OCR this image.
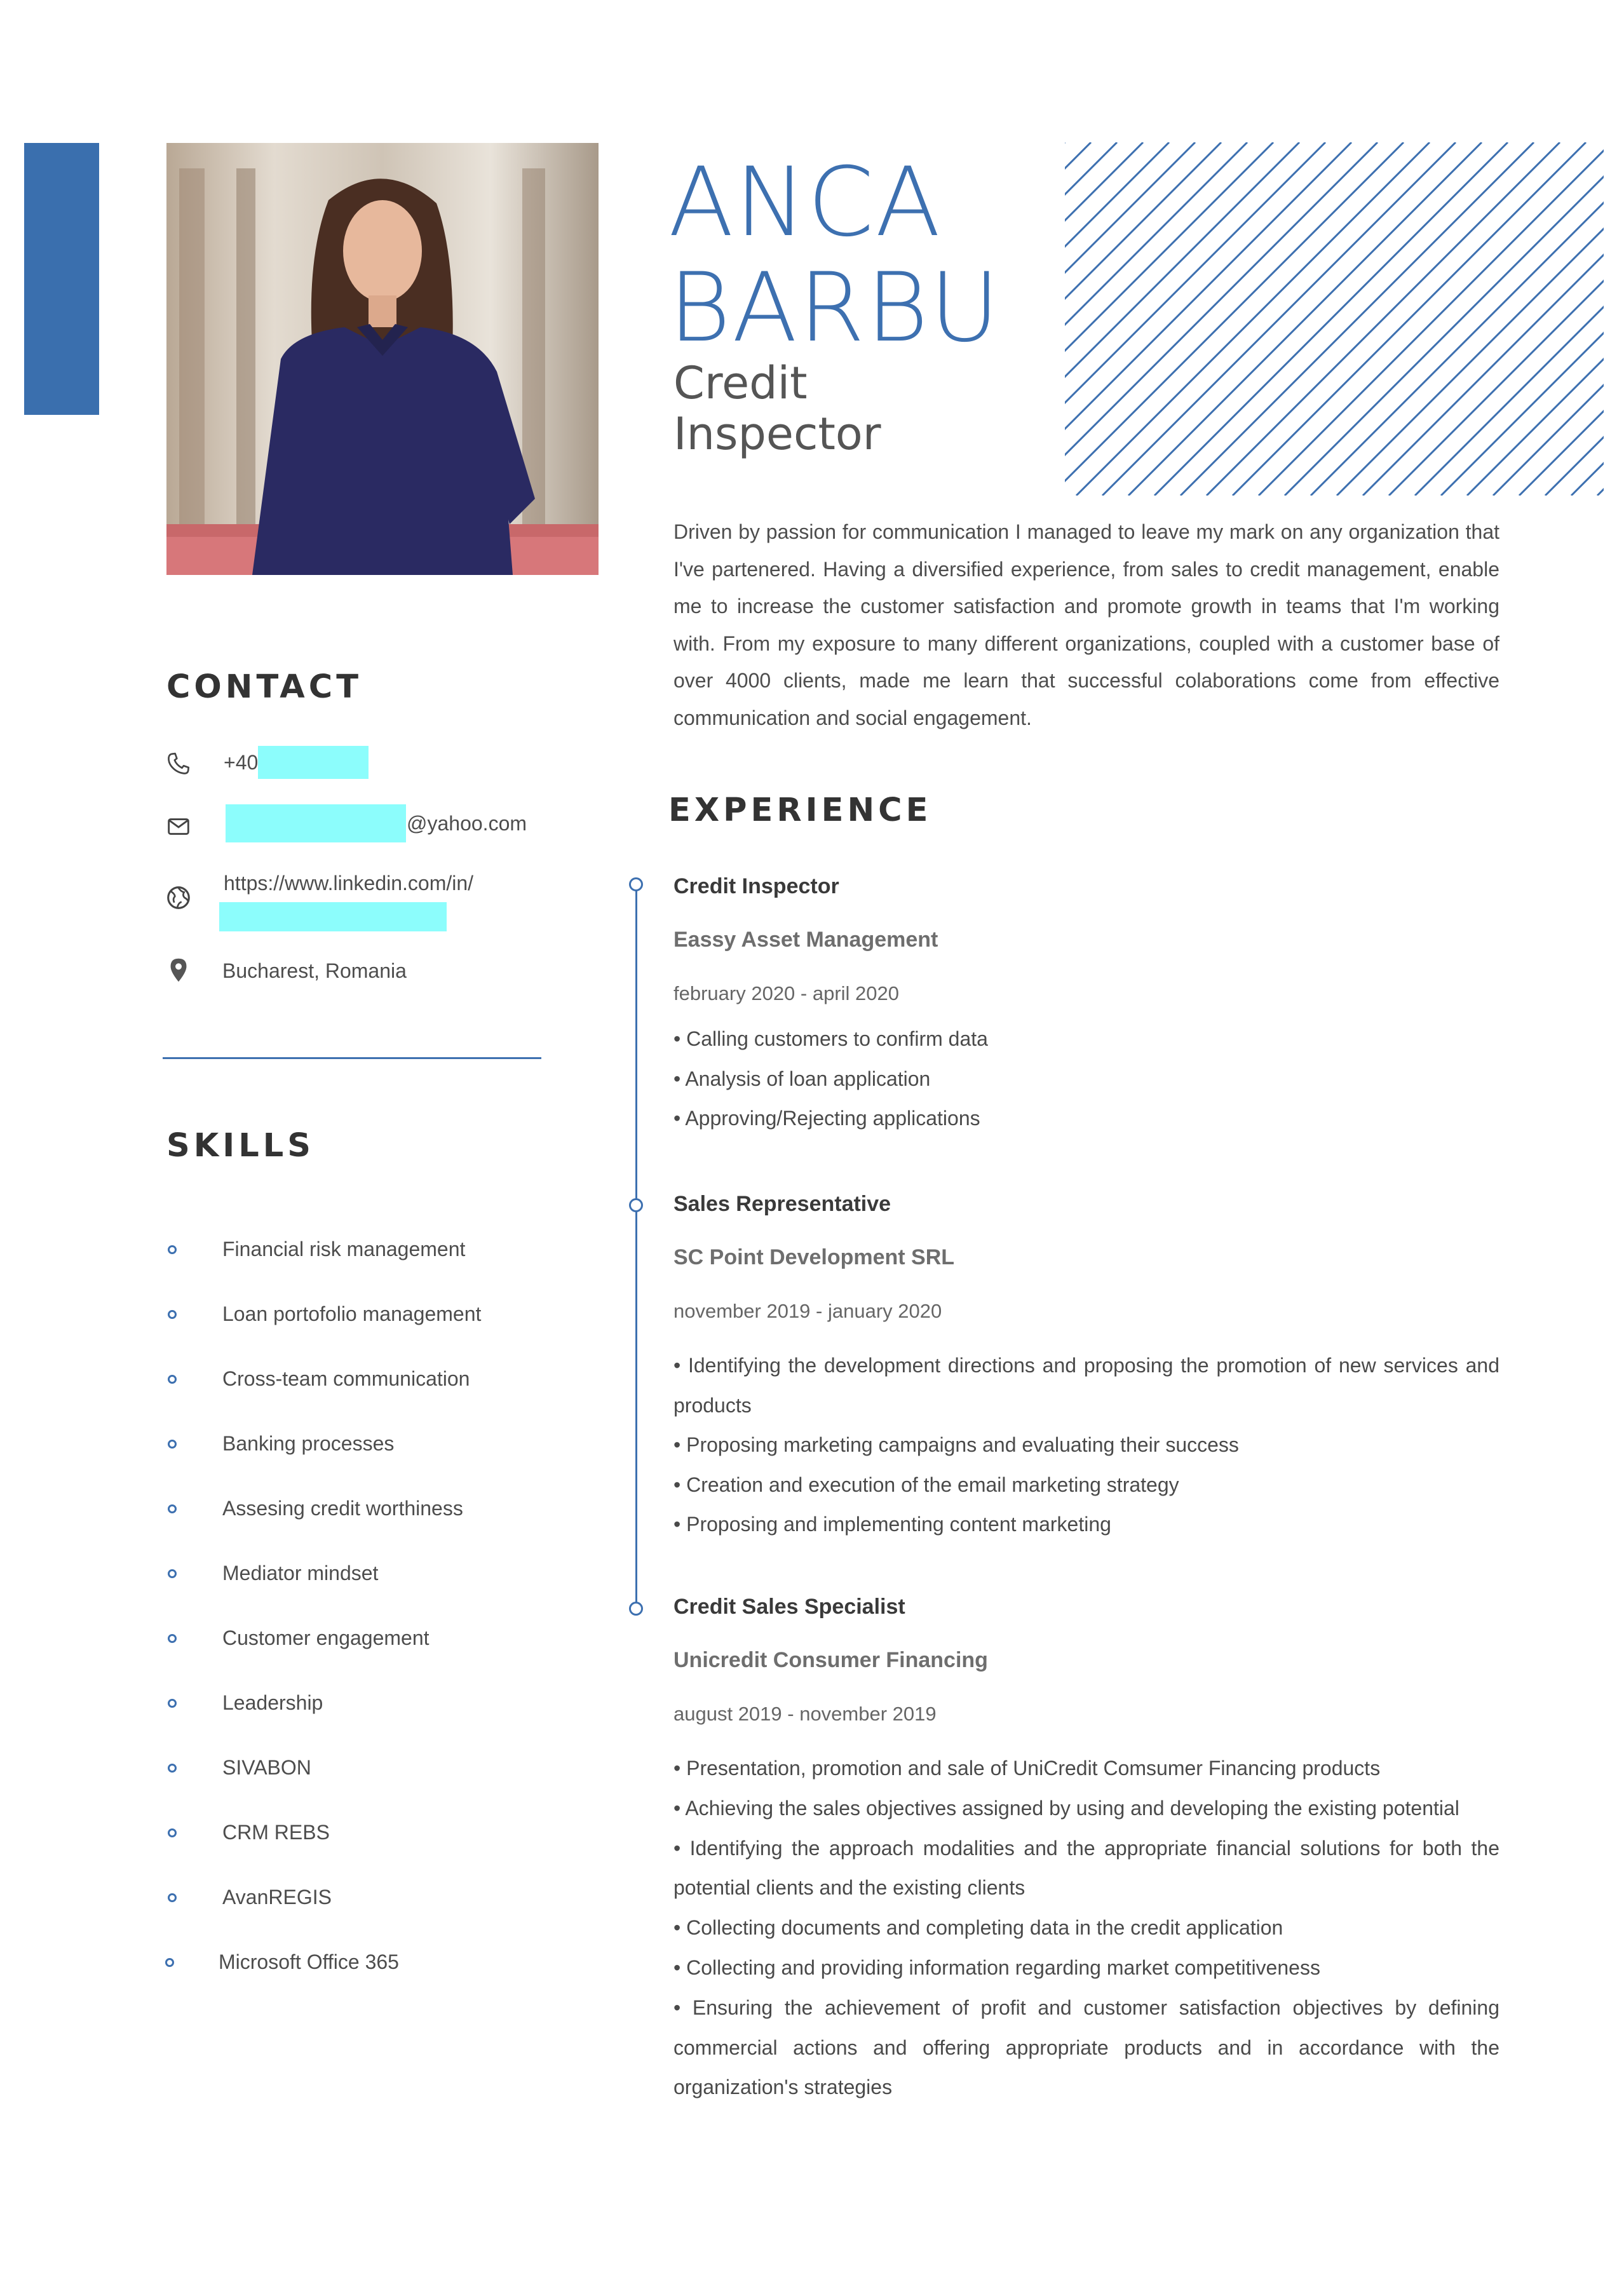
ANCA
BARBU
Credit
Inspector
Driven by passion for communication I managed to leave my mark on any organization that I've partenered. Having a diversified experience, from sales to credit management, enable me to increase the customer satisfaction and promote growth in teams that I'm working with. From my exposure to many different organizations, coupled with a customer base of over 4000 clients, made me learn that successful colaborations come from effective communication and social engagement.
CONTACT
+40
@yahoo.com
https://www.linkedin.com/in/
Bucharest, Romania
SKILLS
Financial risk management
Loan portofolio management
Cross-team communication
Banking processes
Assesing credit worthiness
Mediator mindset
Customer engagement
Leadership
SIVABON
CRM REBS
AvanREGIS
Microsoft Office 365
EXPERIENCE
Credit Inspector
Eassy Asset Management
february 2020 - april 2020
• Calling customers to confirm data
• Analysis of loan application
• Approving/Rejecting applications
Sales Representative
SC Point Development SRL
november 2019 - january 2020
• Identifying the development directions and proposing the promotion of new services and products
• Proposing marketing campaigns and evaluating their success
• Creation and execution of the email marketing strategy
• Proposing and implementing content marketing
Credit Sales Specialist
Unicredit Consumer Financing
august 2019 - november 2019
• Presentation, promotion and sale of UniCredit Comsumer Financing products
• Achieving the sales objectives assigned by using and developing the existing potential
• Identifying the approach modalities and the appropriate financial solutions for both the potential clients and the existing clients
• Collecting documents and completing data in the credit application
• Collecting and providing information regarding market competitiveness
• Ensuring the achievement of profit and customer satisfaction objectives by defining commercial actions and offering appropriate products and in accordance with the organization's strategies
